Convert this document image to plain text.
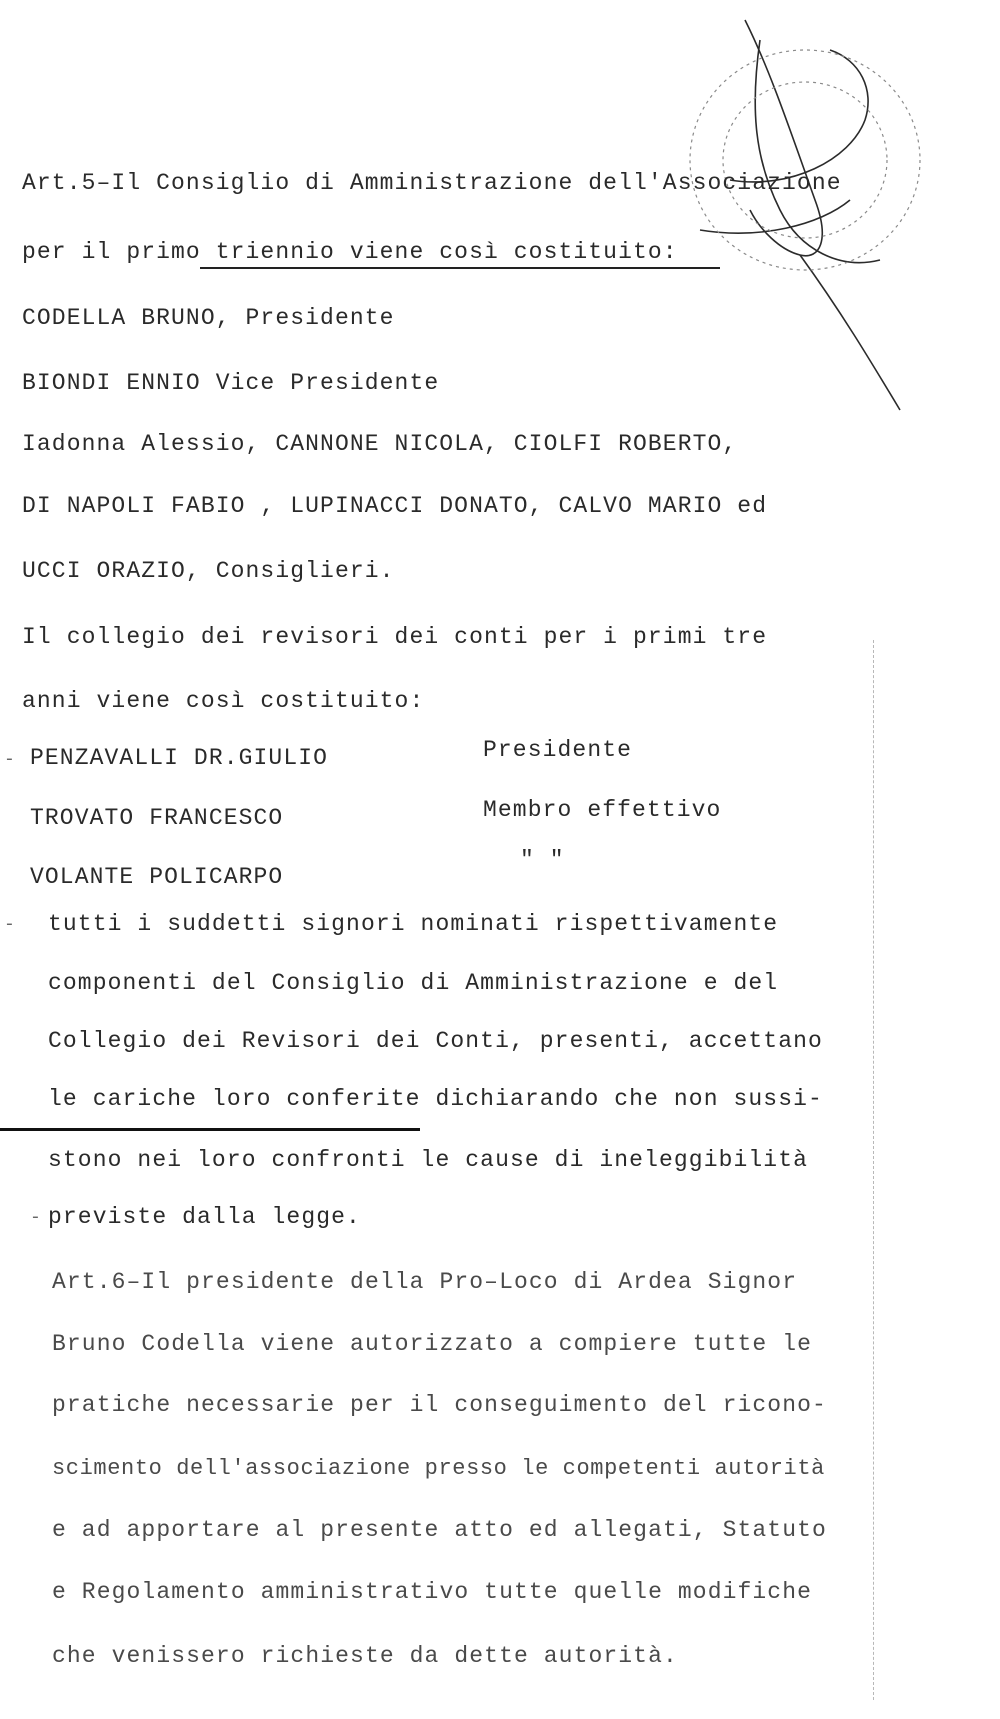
Art.5–Il Consiglio di Amministrazione dell'Associazione
per il primo triennio viene così costituito:
CODELLA BRUNO, Presidente
BIONDI ENNIO Vice Presidente
Iadonna Alessio, CANNONE NICOLA, CIOLFI ROBERTO,
DI NAPOLI FABIO , LUPINACCI DONATO, CALVO MARIO ed
UCCI ORAZIO, Consiglieri.
Il collegio dei revisori dei conti per i primi tre
anni viene così costituito:
- PENZAVALLI DR.GIULIO	Presidente
TROVATO FRANCESCO	Membro effettivo
VOLANTE POLICARPO
" "
- tutti i suddetti signori nominati rispettivamente
componenti del Consiglio di Amministrazione e del
Collegio dei Revisori dei Conti, presenti, accettano
le cariche loro conferite dichiarando che non sussi-
stono nei loro confronti le cause di ineleggibilità
- previste dalla legge.
Art.6–Il presidente della Pro–Loco di Ardea Signor
Bruno Codella viene autorizzato a compiere tutte le
pratiche necessarie per il conseguimento del ricono-
scimento dell'associazione presso le competenti autorità
e ad apportare al presente atto ed allegati, Statuto
e Regolamento amministrativo tutte quelle modifiche
che venissero richieste da dette autorità.
